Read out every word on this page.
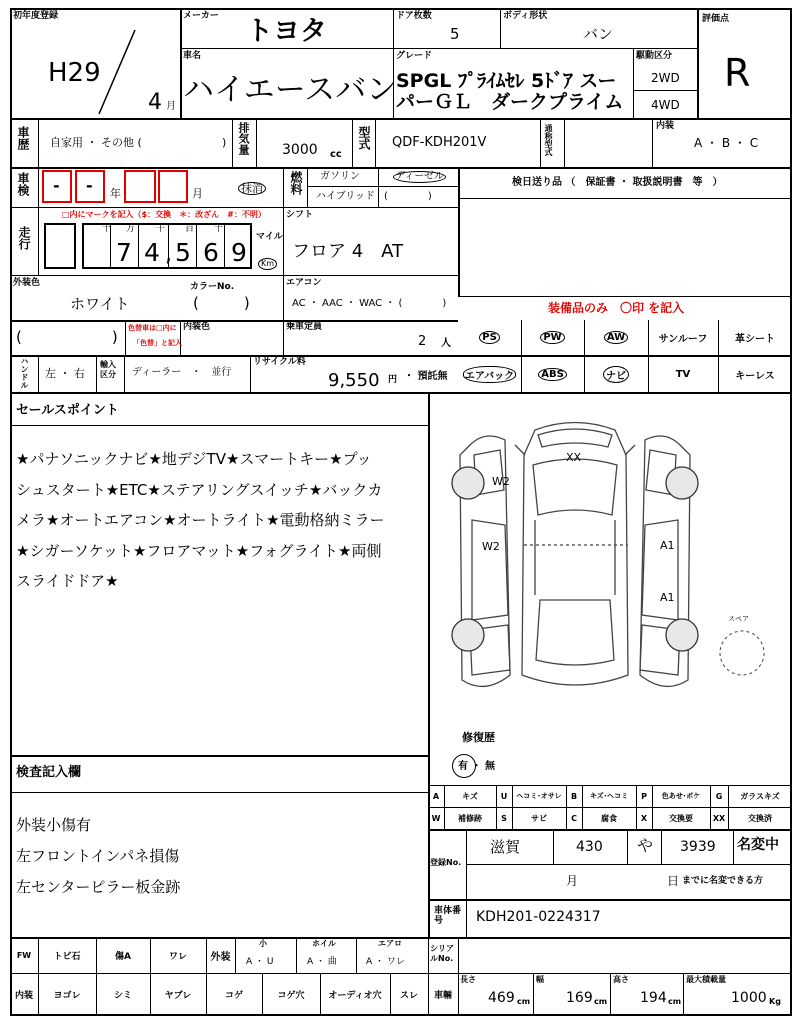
初年度登録
H29
4 月
メーカー トヨタ	ドア枚数
5
ボディ形状
バン
評価点
R
車名
ハイエースバン
グレード
SPGL ﾌﾟﾗｲﾑｾﾚ 5ﾄﾞｱ スー
パーＧＬ　ダークプライム
駆動区分
2WD
4WD
車歴 自家用 ・ その他 (	) 排気量 3000 cc
型式 QDF-KDH201V	通称型式	内装
A ・ B ・ C
車検 - - 年	月	抹消 燃料 ガソリン	ディーゼル
ハイブリッド (　　　　)
検日送り品 （　保証書 ・ 取扱説明書　等　）
走行
□内にマークを記入（$：交換　＊：改ざん　#：不明）
十 万 千 百 十
7 4 , 5 6 9
マイル
Km
シフト
フロア 4　AT
外装色
ホワイト
カラーNo.
(　　　)
エアコン
AC ・ AAC ・ WAC ・ (　　　　)	装備品のみ　〇印 を記入
(　　　　　　) 色替車は□内に
「色替」と記入
内装色	乗車定員
2 人
PS	PW	AW	サンルーフ	革シート
エアバック	ABS	ナビ	TV	キーレス
ハンドル 左 ・ 右
輸入区分	ディーラー　・　並行
リサイクル料
9,550 円 ・ 預託無
セールスポイント
★パナソニックナビ★地デジTV★スマートキー★プッ
シュスタート★ETC★ステアリングスイッチ★バックカ
メラ★オートエアコン★オートライト★電動格納ミラー
★シガーソケット★フロアマット★フォグライト★両側
スライドドア★
XX
W2
W2	A1
A1
スペア
修復歴
有 ・ 無
検査記入欄
外装小傷有
左フロントインパネ損傷
左センターピラー板金跡
A	キズ	U	ヘコミ･オサレ	B	キズ･ヘコミ	P	色あせ･ボケ	G	ガラスキズ
W	補修跡	S	サビ	C	腐食	X	交換要	XX	交換済
登録No.
滋賀	430 や 3939 名変中
月	日 までに名変できる方
車体番号	KDH201-0224317
FW	トビ石	傷A	ワレ	外装
小
A ・ U
ホイル
A ・ 曲
エアロ
A ・ ワレ
シリアルNo.
内装	ヨゴレ	シミ	ヤブレ	コゲ	コゲ穴	オーディオ穴	スレ	車輛
長さ
469 cm
幅
169 cm
高さ
194 cm
最大積載量
1000 Kg
